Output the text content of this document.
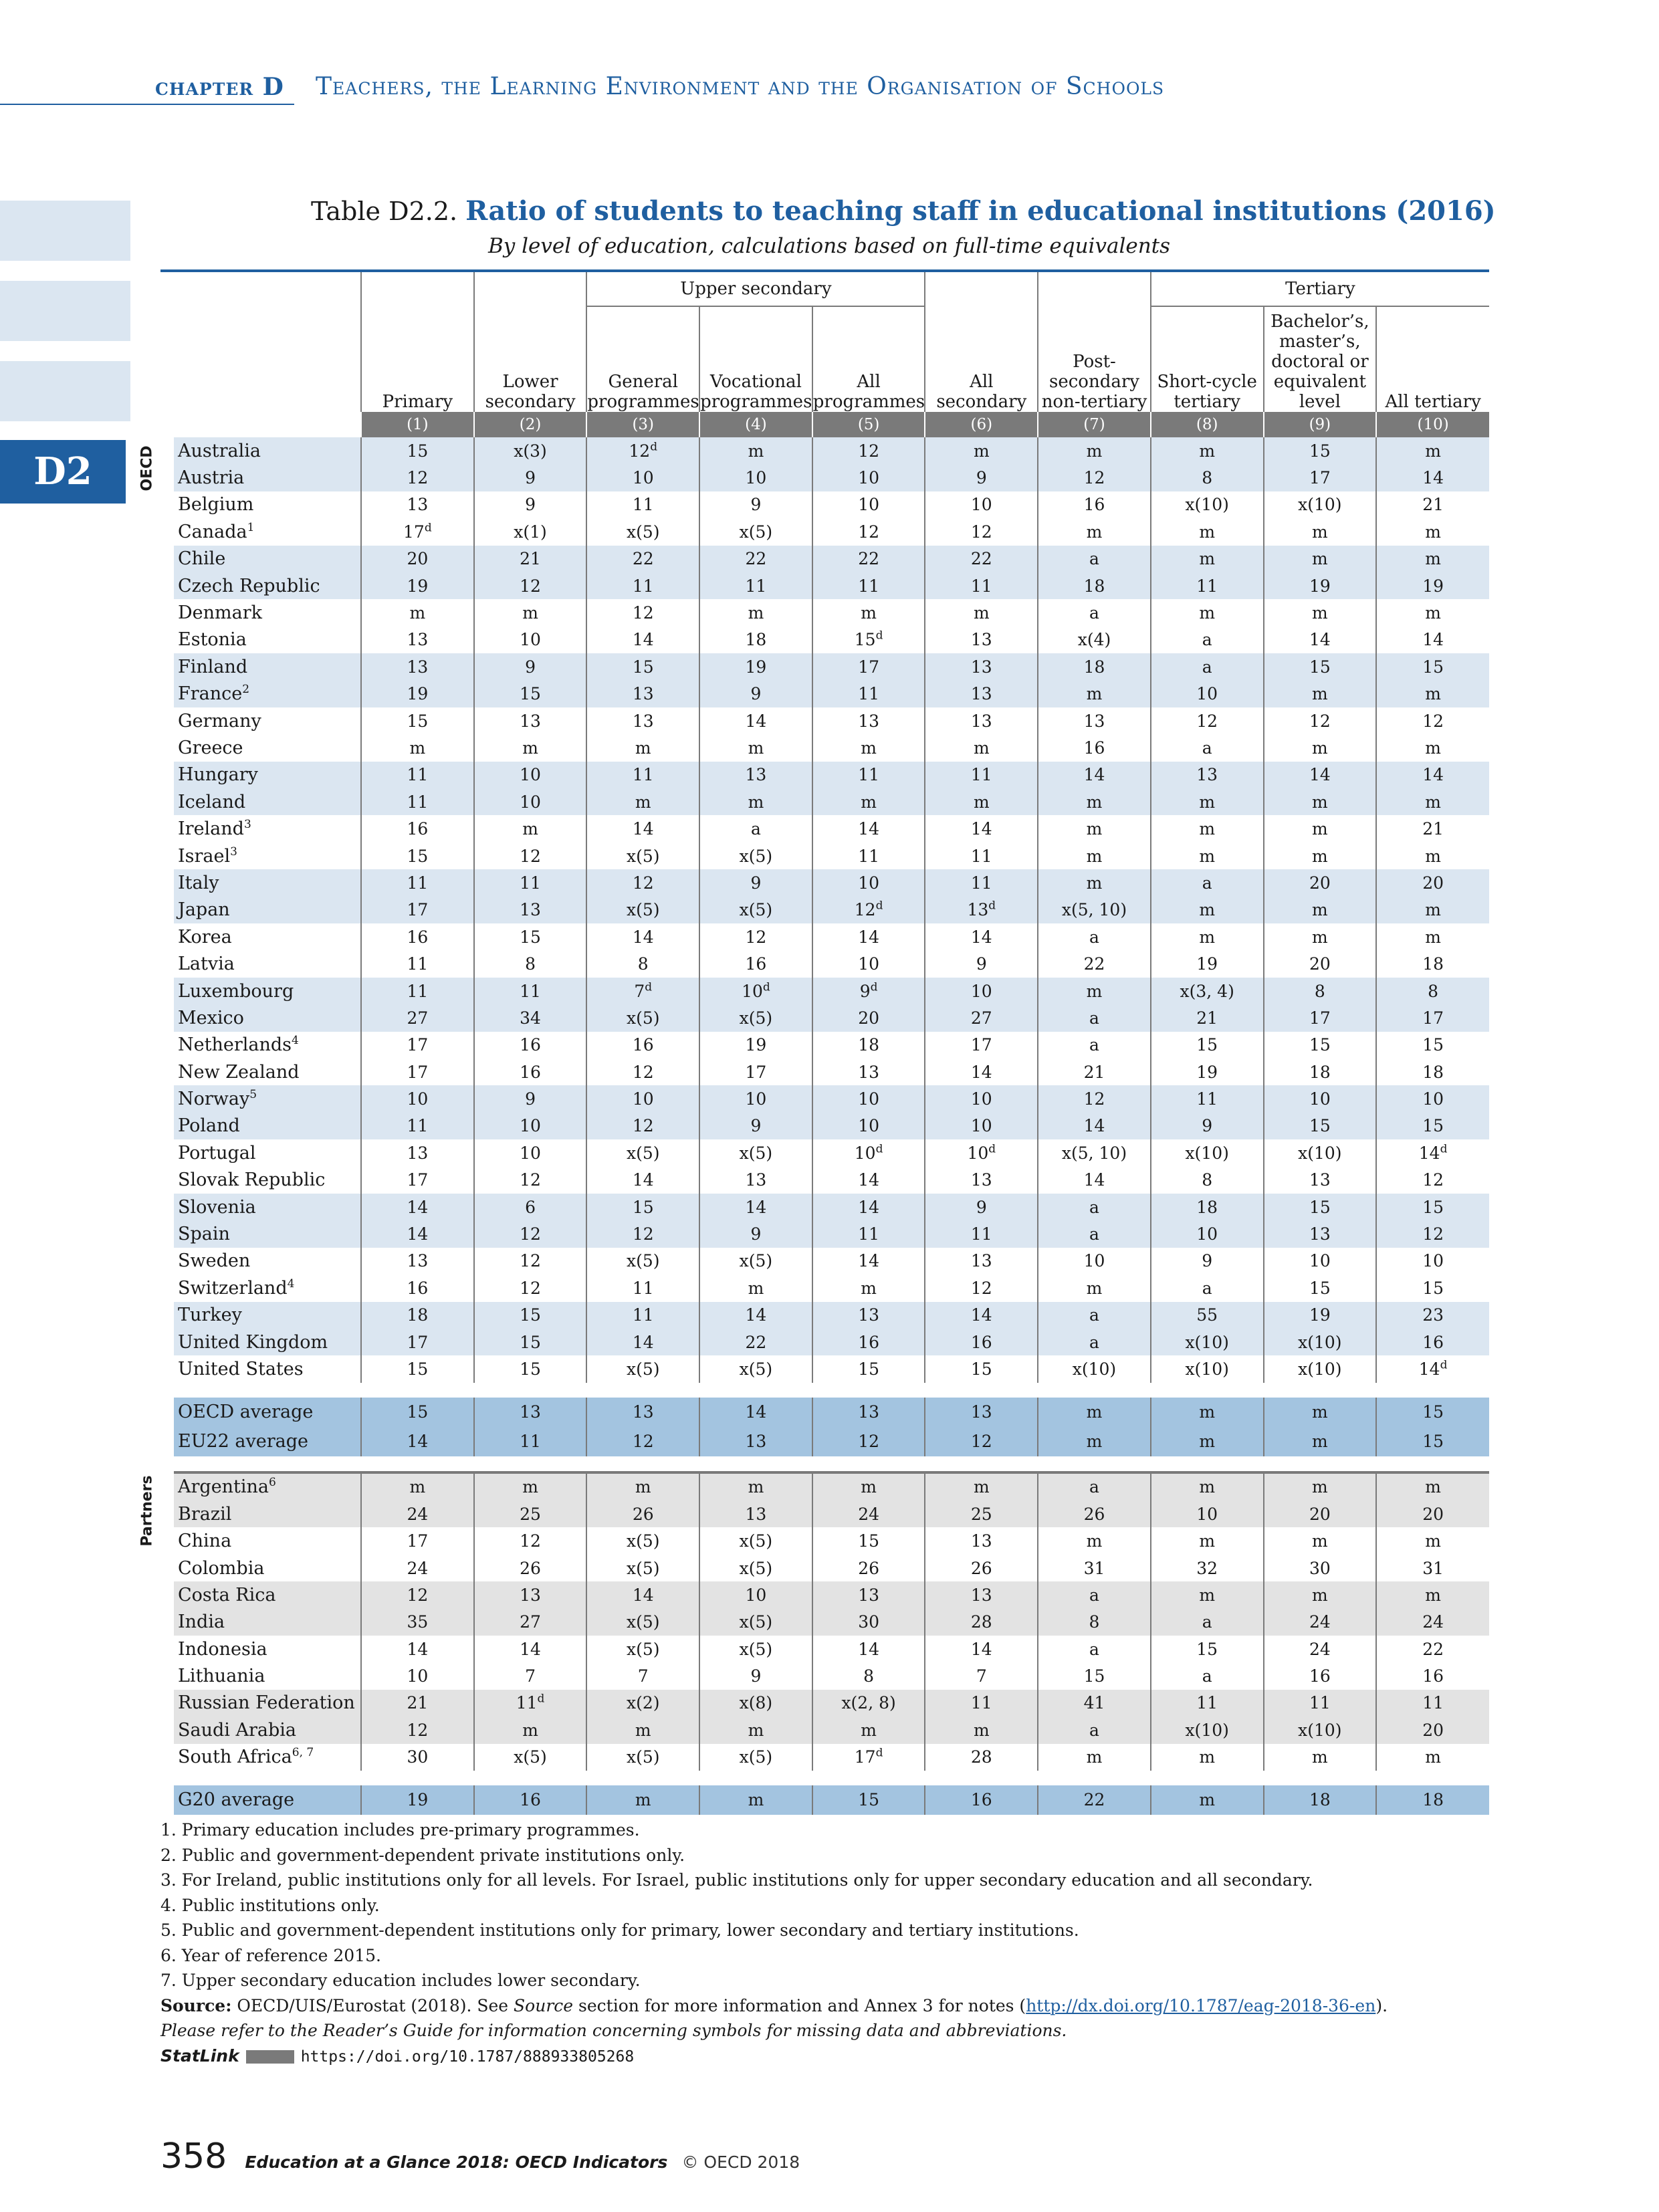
chapter D Teachers, the Learning Environment and the Organisation of Schools
D2
Table D2.2. Ratio of students to teaching staff in educational institutions (2016)
By level of education, calculations based on full-time equivalents
OECD
Partners

		Primary	Lower secondary	Upper secondary			All secondary	Post-secondary non-tertiary	Tertiary		
				General programmes	Vocational programmes	All programmes			Short-cycle tertiary	Bachelor’s, master’s, doctoral or equivalent level	All tertiary
		(1)	(2)	(3)	(4)	(5)	(6)	(7)	(8)	(9)	(10)
	Australia	15	x(3)	12$^d$	m	12	m	m	m	15	m
	Austria	12	9	10	10	10	9	12	8	17	14
	Belgium	13	9	11	9	10	10	16	x(10)	x(10)	21
	Canada$^1$	17$^d$	x(1)	x(5)	x(5)	12	12	m	m	m	m
	Chile	20	21	22	22	22	22	a	m	m	m
	Czech Republic	19	12	11	11	11	11	18	11	19	19
	Denmark	m	m	12	m	m	m	a	m	m	m
	Estonia	13	10	14	18	15$^d$	13	x(4)	a	14	14
	Finland	13	9	15	19	17	13	18	a	15	15
	France$^2$	19	15	13	9	11	13	m	10	m	m
	Germany	15	13	13	14	13	13	13	12	12	12
	Greece	m	m	m	m	m	m	16	a	m	m
	Hungary	11	10	11	13	11	11	14	13	14	14
	Iceland	11	10	m	m	m	m	m	m	m	m
	Ireland$^3$	16	m	14	a	14	14	m	m	m	21
	Israel$^3$	15	12	x(5)	x(5)	11	11	m	m	m	m
	Italy	11	11	12	9	10	11	m	a	20	20
	Japan	17	13	x(5)	x(5)	12$^d$	13$^d$	x(5, 10)	m	m	m
	Korea	16	15	14	12	14	14	a	m	m	m
	Latvia	11	8	8	16	10	9	22	19	20	18
	Luxembourg	11	11	7$^d$	10$^d$	9$^d$	10	m	x(3, 4)	8	8
	Mexico	27	34	x(5)	x(5)	20	27	a	21	17	17
	Netherlands$^4$	17	16	16	19	18	17	a	15	15	15
	New Zealand	17	16	12	17	13	14	21	19	18	18
	Norway$^5$	10	9	10	10	10	10	12	11	10	10
	Poland	11	10	12	9	10	10	14	9	15	15
	Portugal	13	10	x(5)	x(5)	10$^d$	10$^d$	x(5, 10)	x(10)	x(10)	14$^d$
	Slovak Republic	17	12	14	13	14	13	14	8	13	12
	Slovenia	14	6	15	14	14	9	a	18	15	15
	Spain	14	12	12	9	11	11	a	10	13	12
	Sweden	13	12	x(5)	x(5)	14	13	10	9	10	10
	Switzerland$^4$	16	12	11	m	m	12	m	a	15	15
	Turkey	18	15	11	14	13	14	a	55	19	23
	United Kingdom	17	15	14	22	16	16	a	x(10)	x(10)	16
	United States	15	15	x(5)	x(5)	15	15	x(10)	x(10)	x(10)	14$^d$

	OECD average	15	13	13	14	13	13	m	m	m	15
	EU22 average	14	11	12	13	12	12	m	m	m	15

	Argentina$^6$	m	m	m	m	m	m	a	m	m	m
	Brazil	24	25	26	13	24	25	26	10	20	20
	China	17	12	x(5)	x(5)	15	13	m	m	m	m
	Colombia	24	26	x(5)	x(5)	26	26	31	32	30	31
	Costa Rica	12	13	14	10	13	13	a	m	m	m
	India	35	27	x(5)	x(5)	30	28	8	a	24	24
	Indonesia	14	14	x(5)	x(5)	14	14	a	15	24	22
	Lithuania	10	7	7	9	8	7	15	a	16	16
	Russian Federation	21	11$^d$	x(2)	x(8)	x(2, 8)	11	41	11	11	11
	Saudi Arabia	12	m	m	m	m	m	a	x(10)	x(10)	20
	South Africa$^{6, 7}$	30	x(5)	x(5)	x(5)	17$^d$	28	m	m	m	m

	G20 average	19	16	m	m	15	16	22	m	18	18
1. Primary education includes pre-primary programmes.
2. Public and government-dependent private institutions only.
3. For Ireland, public institutions only for all levels. For Israel, public institutions only for upper secondary education and all secondary.
4. Public institutions only.
5. Public and government-dependent institutions only for primary, lower secondary and tertiary institutions.
6. Year of reference 2015.
7. Upper secondary education includes lower secondary.
Source: OECD/UIS/Eurostat (2018). See Source section for more information and Annex 3 for notes (http://dx.doi.org/10.1787/eag-2018-36-en).
Please refer to the Reader’s Guide for information concerning symbols for missing data and abbreviations.
StatLink	https://doi.org/10.1787/888933805268
358 Education at a Glance 2018: OECD Indicators © OECD 2018
